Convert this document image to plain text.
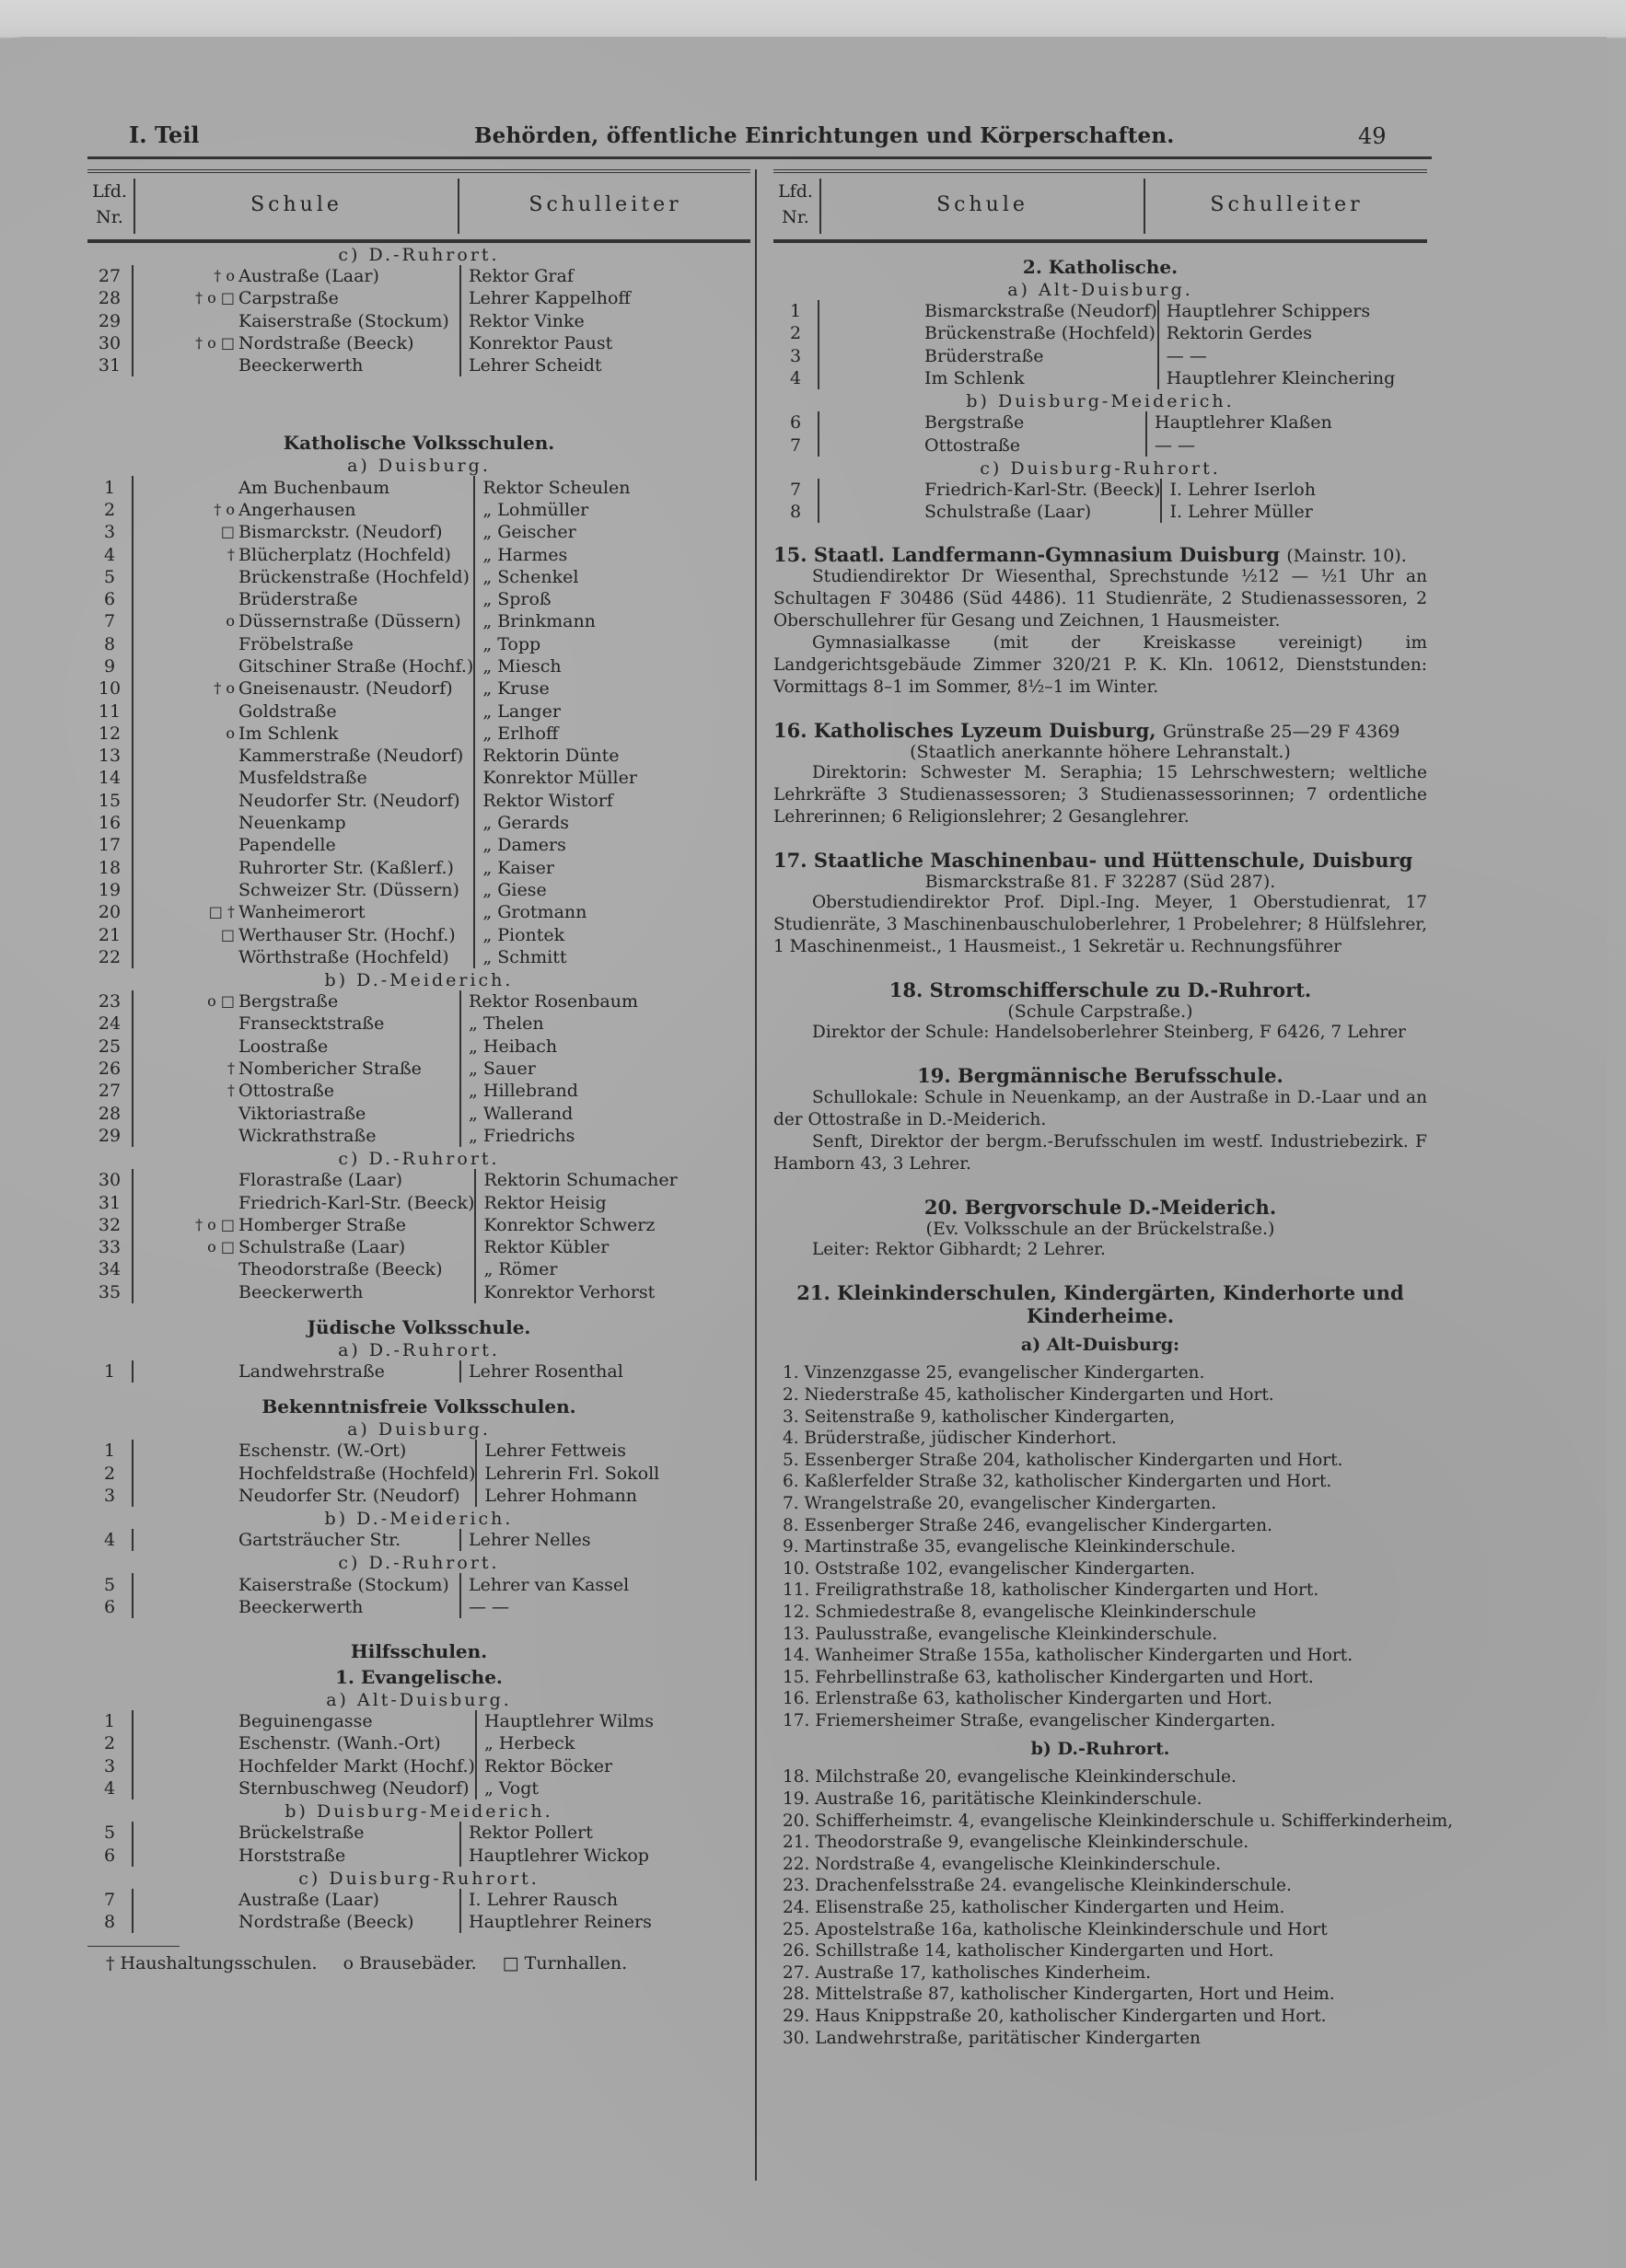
I. Teil	Behörden, öffentliche Einrichtungen und Körperschaften.	49
Lfd. Nr.
Schule	Schulleiter
c) D.-Ruhrort.
27	† o	Austraße (Laar)	Rektor Graf
28	† o □	Carpstraße	Lehrer Kappelhoff
29		Kaiserstraße (Stockum)	Rektor Vinke
30	† o □	Nordstraße (Beeck)	Konrektor Paust
31		Beeckerwerth	Lehrer Scheidt
Katholische Volksschulen.
a) Duisburg.
1		Am Buchenbaum	Rektor Scheulen
2	† o	Angerhausen	„ Lohmüller
3	□	Bismarckstr. (Neudorf)	„ Geischer
4	†	Blücherplatz (Hochfeld)	„ Harmes
5		Brückenstraße (Hochfeld)	„ Schenkel
6		Brüderstraße	„ Sproß
7	o	Düssernstraße (Düssern)	„ Brinkmann
8		Fröbelstraße	„ Topp
9		Gitschiner Straße (Hochf.)	„ Miesch
10	† o	Gneisenaustr. (Neudorf)	„ Kruse
11		Goldstraße	„ Langer
12	o	Im Schlenk	„ Erlhoff
13		Kammerstraße (Neudorf)	Rektorin Dünte
14		Musfeldstraße	Konrektor Müller
15		Neudorfer Str. (Neudorf)	Rektor Wistorf
16		Neuenkamp	„ Gerards
17		Papendelle	„ Damers
18		Ruhrorter Str. (Kaßlerf.)	„ Kaiser
19		Schweizer Str. (Düssern)	„ Giese
20	□ †	Wanheimerort	„ Grotmann
21	□	Werthauser Str. (Hochf.)	„ Piontek
22		Wörthstraße (Hochfeld)	„ Schmitt
b) D.-Meiderich.
23	o □	Bergstraße	Rektor Rosenbaum
24		Fransecktstraße	„ Thelen
25		Loostraße	„ Heibach
26	†	Nombericher Straße	„ Sauer
27	†	Ottostraße	„ Hillebrand
28		Viktoriastraße	„ Wallerand
29		Wickrathstraße	„ Friedrichs
c) D.-Ruhrort.
30		Florastraße (Laar)	Rektorin Schumacher
31		Friedrich-Karl-Str. (Beeck)	Rektor Heisig
32	† o □	Homberger Straße	Konrektor Schwerz
33	o □	Schulstraße (Laar)	Rektor Kübler
34		Theodorstraße (Beeck)	„ Römer
35		Beeckerwerth	Konrektor Verhorst
Jüdische Volksschule.
a) D.-Ruhrort.
1		Landwehrstraße	Lehrer Rosenthal
Bekenntnisfreie Volksschulen.
a) Duisburg.
1		Eschenstr. (W.-Ort)	Lehrer Fettweis
2		Hochfeldstraße (Hochfeld)	Lehrerin Frl. Sokoll
3		Neudorfer Str. (Neudorf)	Lehrer Hohmann
b) D.-Meiderich.
4		Gartsträucher Str.	Lehrer Nelles
c) D.-Ruhrort.
5		Kaiserstraße (Stockum)	Lehrer van Kassel
6		Beeckerwerth	— —
Hilfsschulen.
1. Evangelische.
a) Alt-Duisburg.
1		Beguinengasse	Hauptlehrer Wilms
2		Eschenstr. (Wanh.-Ort)	„ Herbeck
3		Hochfelder Markt (Hochf.)	Rektor Böcker
4		Sternbuschweg (Neudorf)	„ Vogt
b) Duisburg-Meiderich.
5		Brückelstraße	Rektor Pollert
6		Horststraße	Hauptlehrer Wickop
c) Duisburg-Ruhrort.
7		Austraße (Laar)	I. Lehrer Rausch
8		Nordstraße (Beeck)	Hauptlehrer Reiners
† Haushaltungsschulen. o Brausebäder. □ Turnhallen.
Lfd. Nr.
Schule	Schulleiter
2. Katholische.
a) Alt-Duisburg.
1		Bismarckstraße (Neudorf)	Hauptlehrer Schippers
2		Brückenstraße (Hochfeld)	Rektorin Gerdes
3		Brüderstraße	— —
4		Im Schlenk	Hauptlehrer Kleinchering
b) Duisburg-Meiderich.
6		Bergstraße	Hauptlehrer Klaßen
7		Ottostraße	— —
c) Duisburg-Ruhrort.
7		Friedrich-Karl-Str. (Beeck)	I. Lehrer Iserloh
8		Schulstraße (Laar)	I. Lehrer Müller
15. Staatl. Landfermann-Gymnasium Duisburg (Mainstr. 10).
Studiendirektor Dr Wiesenthal, Sprechstunde ½12 — ½1 Uhr an Schultagen F 30486 (Süd 4486). 11 Studienräte, 2 Studienassessoren, 2 Oberschullehrer für Gesang und Zeichnen, 1 Hausmeister.
Gymnasialkasse (mit der Kreiskasse vereinigt) im Landgerichtsgebäude Zimmer 320/21 P. K. Kln. 10612, Dienststunden: Vormittags 8–1 im Sommer, 8½–1 im Winter.
16. Katholisches Lyzeum Duisburg, Grünstraße 25—29 F 4369
(Staatlich anerkannte höhere Lehranstalt.)
Direktorin: Schwester M. Seraphia; 15 Lehrschwestern; weltliche Lehrkräfte 3 Studienassessoren; 3 Studienassessorinnen; 7 ordentliche Lehrerinnen; 6 Religionslehrer; 2 Gesanglehrer.
17. Staatliche Maschinenbau- und Hüttenschule, Duisburg
Bismarckstraße 81. F 32287 (Süd 287).
Oberstudiendirektor Prof. Dipl.-Ing. Meyer, 1 Oberstudienrat, 17 Studienräte, 3 Maschinenbauschuloberlehrer, 1 Probelehrer; 8 Hülfslehrer, 1 Maschinenmeist., 1 Hausmeist., 1 Sekretär u. Rechnungsführer
18. Stromschifferschule zu D.-Ruhrort.
(Schule Carpstraße.)
Direktor der Schule: Handelsoberlehrer Steinberg, F 6426, 7 Lehrer
19. Bergmännische Berufsschule.
Schullokale: Schule in Neuenkamp, an der Austraße in D.-Laar und an der Ottostraße in D.-Meiderich.
Senft, Direktor der bergm.-Berufsschulen im westf. Industriebezirk. F Hamborn 43, 3 Lehrer.
20. Bergvorschule D.-Meiderich.
(Ev. Volksschule an der Brückelstraße.)
Leiter: Rektor Gibhardt; 2 Lehrer.
21. Kleinkinderschulen, Kindergärten, Kinderhorte und Kinderheime.
a) Alt-Duisburg:
1. Vinzenzgasse 25, evangelischer Kindergarten.
2. Niederstraße 45, katholischer Kindergarten und Hort.
3. Seitenstraße 9, katholischer Kindergarten,
4. Brüderstraße, jüdischer Kinderhort.
5. Essenberger Straße 204, katholischer Kindergarten und Hort.
6. Kaßlerfelder Straße 32, katholischer Kindergarten und Hort.
7. Wrangelstraße 20, evangelischer Kindergarten.
8. Essenberger Straße 246, evangelischer Kindergarten.
9. Martinstraße 35, evangelische Kleinkinderschule.
10. Oststraße 102, evangelischer Kindergarten.
11. Freiligrathstraße 18, katholischer Kindergarten und Hort.
12. Schmiedestraße 8, evangelische Kleinkinderschule
13. Paulusstraße, evangelische Kleinkinderschule.
14. Wanheimer Straße 155a, katholischer Kindergarten und Hort.
15. Fehrbellinstraße 63, katholischer Kindergarten und Hort.
16. Erlenstraße 63, katholischer Kindergarten und Hort.
17. Friemersheimer Straße, evangelischer Kindergarten.
b) D.-Ruhrort.
18. Milchstraße 20, evangelische Kleinkinderschule.
19. Austraße 16, paritätische Kleinkinderschule.
20. Schifferheimstr. 4, evangelische Kleinkinderschule u. Schifferkinderheim,
21. Theodorstraße 9, evangelische Kleinkinderschule.
22. Nordstraße 4, evangelische Kleinkinderschule.
23. Drachenfelsstraße 24. evangelische Kleinkinderschule.
24. Elisenstraße 25, katholischer Kindergarten und Heim.
25. Apostelstraße 16a, katholische Kleinkinderschule und Hort
26. Schillstraße 14, katholischer Kindergarten und Hort.
27. Austraße 17, katholisches Kinderheim.
28. Mittelstraße 87, katholischer Kindergarten, Hort und Heim.
29. Haus Knippstraße 20, katholischer Kindergarten und Hort.
30. Landwehrstraße, paritätischer Kindergarten
